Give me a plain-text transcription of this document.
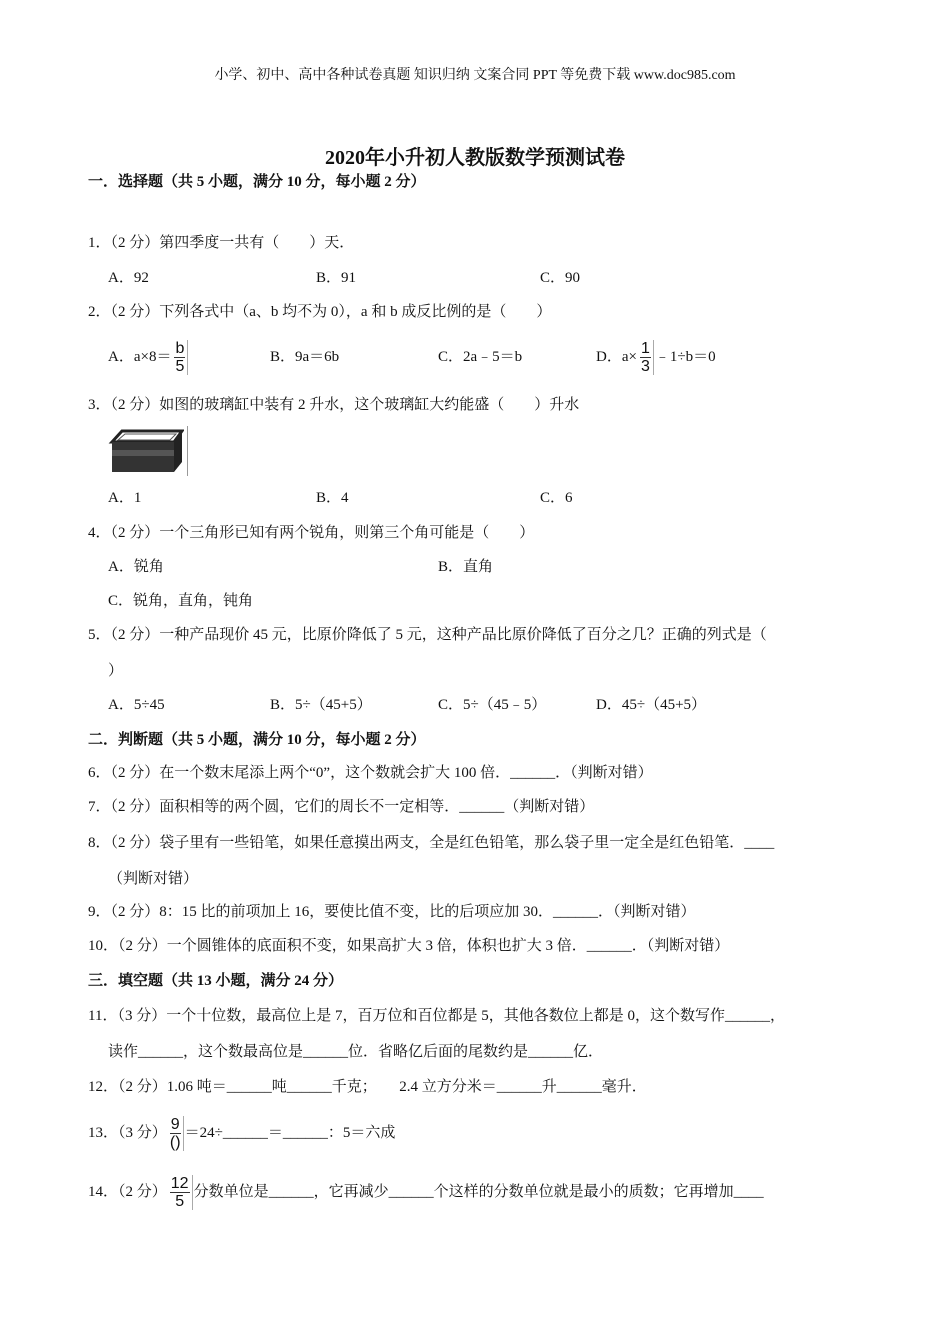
小学、初中、高中各种试卷真题 知识归纳 文案合同 PPT 等免费下载 www.doc985.com
2020年小升初人教版数学预测试卷
一．选择题（共 5 小题，满分 10 分，每小题 2 分）
1．（2 分）第四季度一共有（　　）天．
A．92	B．91	C．90
2．（2 分）下列各式中（a、b 均不为 0），a 和 b 成反比例的是（　　）
A．$a\times 8= \frac{b}{5}$	B．9a＝6b	C．2a﹣5＝b	D．$a\times \frac{1}{3}$ ﹣1÷b＝0
3．（2 分）如图的玻璃缸中装有 2 升水，这个玻璃缸大约能盛（　　）升水
A．1	B．4	C．6
4．（2 分）一个三角形已知有两个锐角，则第三个角可能是（　　）
A．锐角	B．直角
C．锐角，直角，钝角
5．（2 分）一种产品现价 45 元，比原价降低了 5 元，这种产品比原价降低了百分之几？正确的列式是（
）
A．5÷45	B．5÷（45+5）	C．5÷（45﹣5）	D．45÷（45+5）
二．判断题（共 5 小题，满分 10 分，每小题 2 分）
6．（2 分）在一个数末尾添上两个“0”，这个数就会扩大 100 倍．______．（判断对错）
7．（2 分）面积相等的两个圆，它们的周长不一定相等．______（判断对错）
8．（2 分）袋子里有一些铅笔，如果任意摸出两支，全是红色铅笔，那么袋子里一定全是红色铅笔．____
（判断对错）
9．（2 分）8：15 比的前项加上 16，要使比值不变，比的后项应加 30．______．（判断对错）
10．（2 分）一个圆锥体的底面积不变，如果高扩大 3 倍，体积也扩大 3 倍．______．（判断对错）
三．填空题（共 13 小题，满分 24 分）
11．（3 分）一个十位数，最高位上是 7，百万位和百位都是 5，其他各数位上都是 0，这个数写作______，
读作______，这个数最高位是______位．省略亿后面的尾数约是______亿．
12．（2 分）1.06 吨＝______吨______千克；　　2.4 立方分米＝______升______毫升．
13．（3 分） $\frac{9}{()}$ ＝24÷______＝______：5＝六成
14．（2 分） $\frac{12}{5}$ 分数单位是______，它再减少______个这样的分数单位就是最小的质数；它再增加____
